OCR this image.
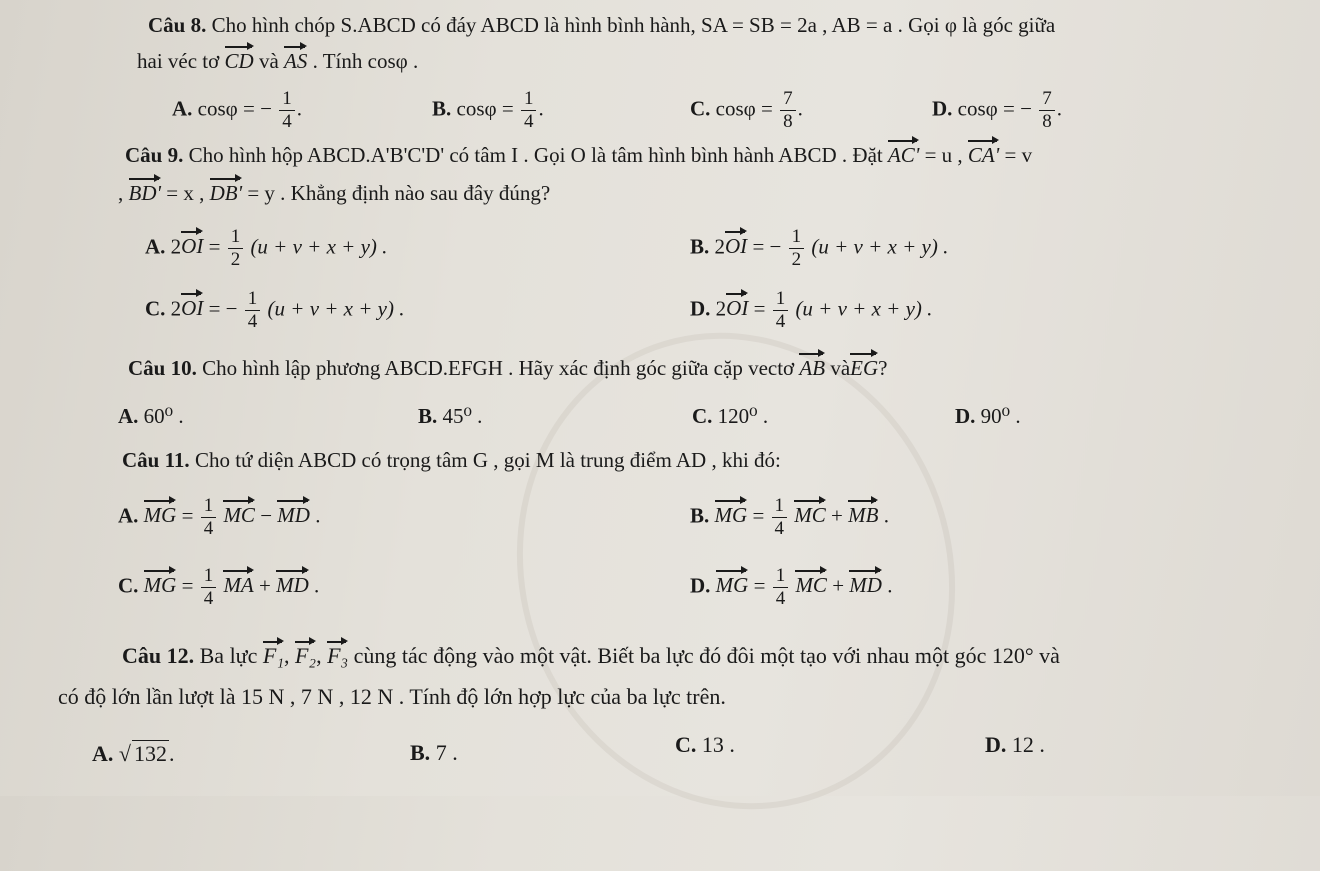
Câu 8. Cho hình chóp S.ABCD có đáy ABCD là hình bình hành, SA = SB = 2a , AB = a . Gọi φ là góc giữa
hai véc tơ CD và AS . Tính cosφ .
A. cosφ = − $\frac{1}{4}$ .	B. $\cos\varphi = \frac{1}{4}$ .	C. $\cos\varphi = \frac{7}{8}$ .	D. cosφ = − $\frac{7}{8}$ .
Câu 9. Cho hình hộp ABCD.A'B'C'D' có tâm I . Gọi O là tâm hình bình hành ABCD . Đặt AC' = u , CA' = v
, BD' = x , DB' = y . Khẳng định nào sau đây đúng?
A. $2OI = \frac{1}{2} (u + v + x + y)$ .	B. 2OI = − $\frac{1}{2} (u + v + x + y)$ .
C. 2OI = − $\frac{1}{4} (u + v + x + y)$ .	D. $2OI = \frac{1}{4} (u + v + x + y)$ .
Câu 10. Cho hình lập phương ABCD.EFGH . Hãy xác định góc giữa cặp vectơ AB vàEG?
A. 60⁰ .	B. 45⁰ .	C. 120⁰ .	D. 90⁰ .
Câu 11. Cho tứ diện ABCD có trọng tâm G , gọi M là trung điểm AD , khi đó:
A. MG = $\frac{1}{4}$ MC − MD .	B. MG = $\frac{1}{4}$ MC + MB .
C. MG = $\frac{1}{4}$ MA + MD .	D. MG = $\frac{1}{4}$ MC + MD .
Câu 12. Ba lực F₁, F₂, F₃ cùng tác động vào một vật. Biết ba lực đó đôi một tạo với nhau một góc 120° và
có độ lớn lần lượt là 15 N , 7 N , 12 N . Tính độ lớn hợp lực của ba lực trên.
A. √ 132.	B. 7 .	C. 13 .	D. 12 .
